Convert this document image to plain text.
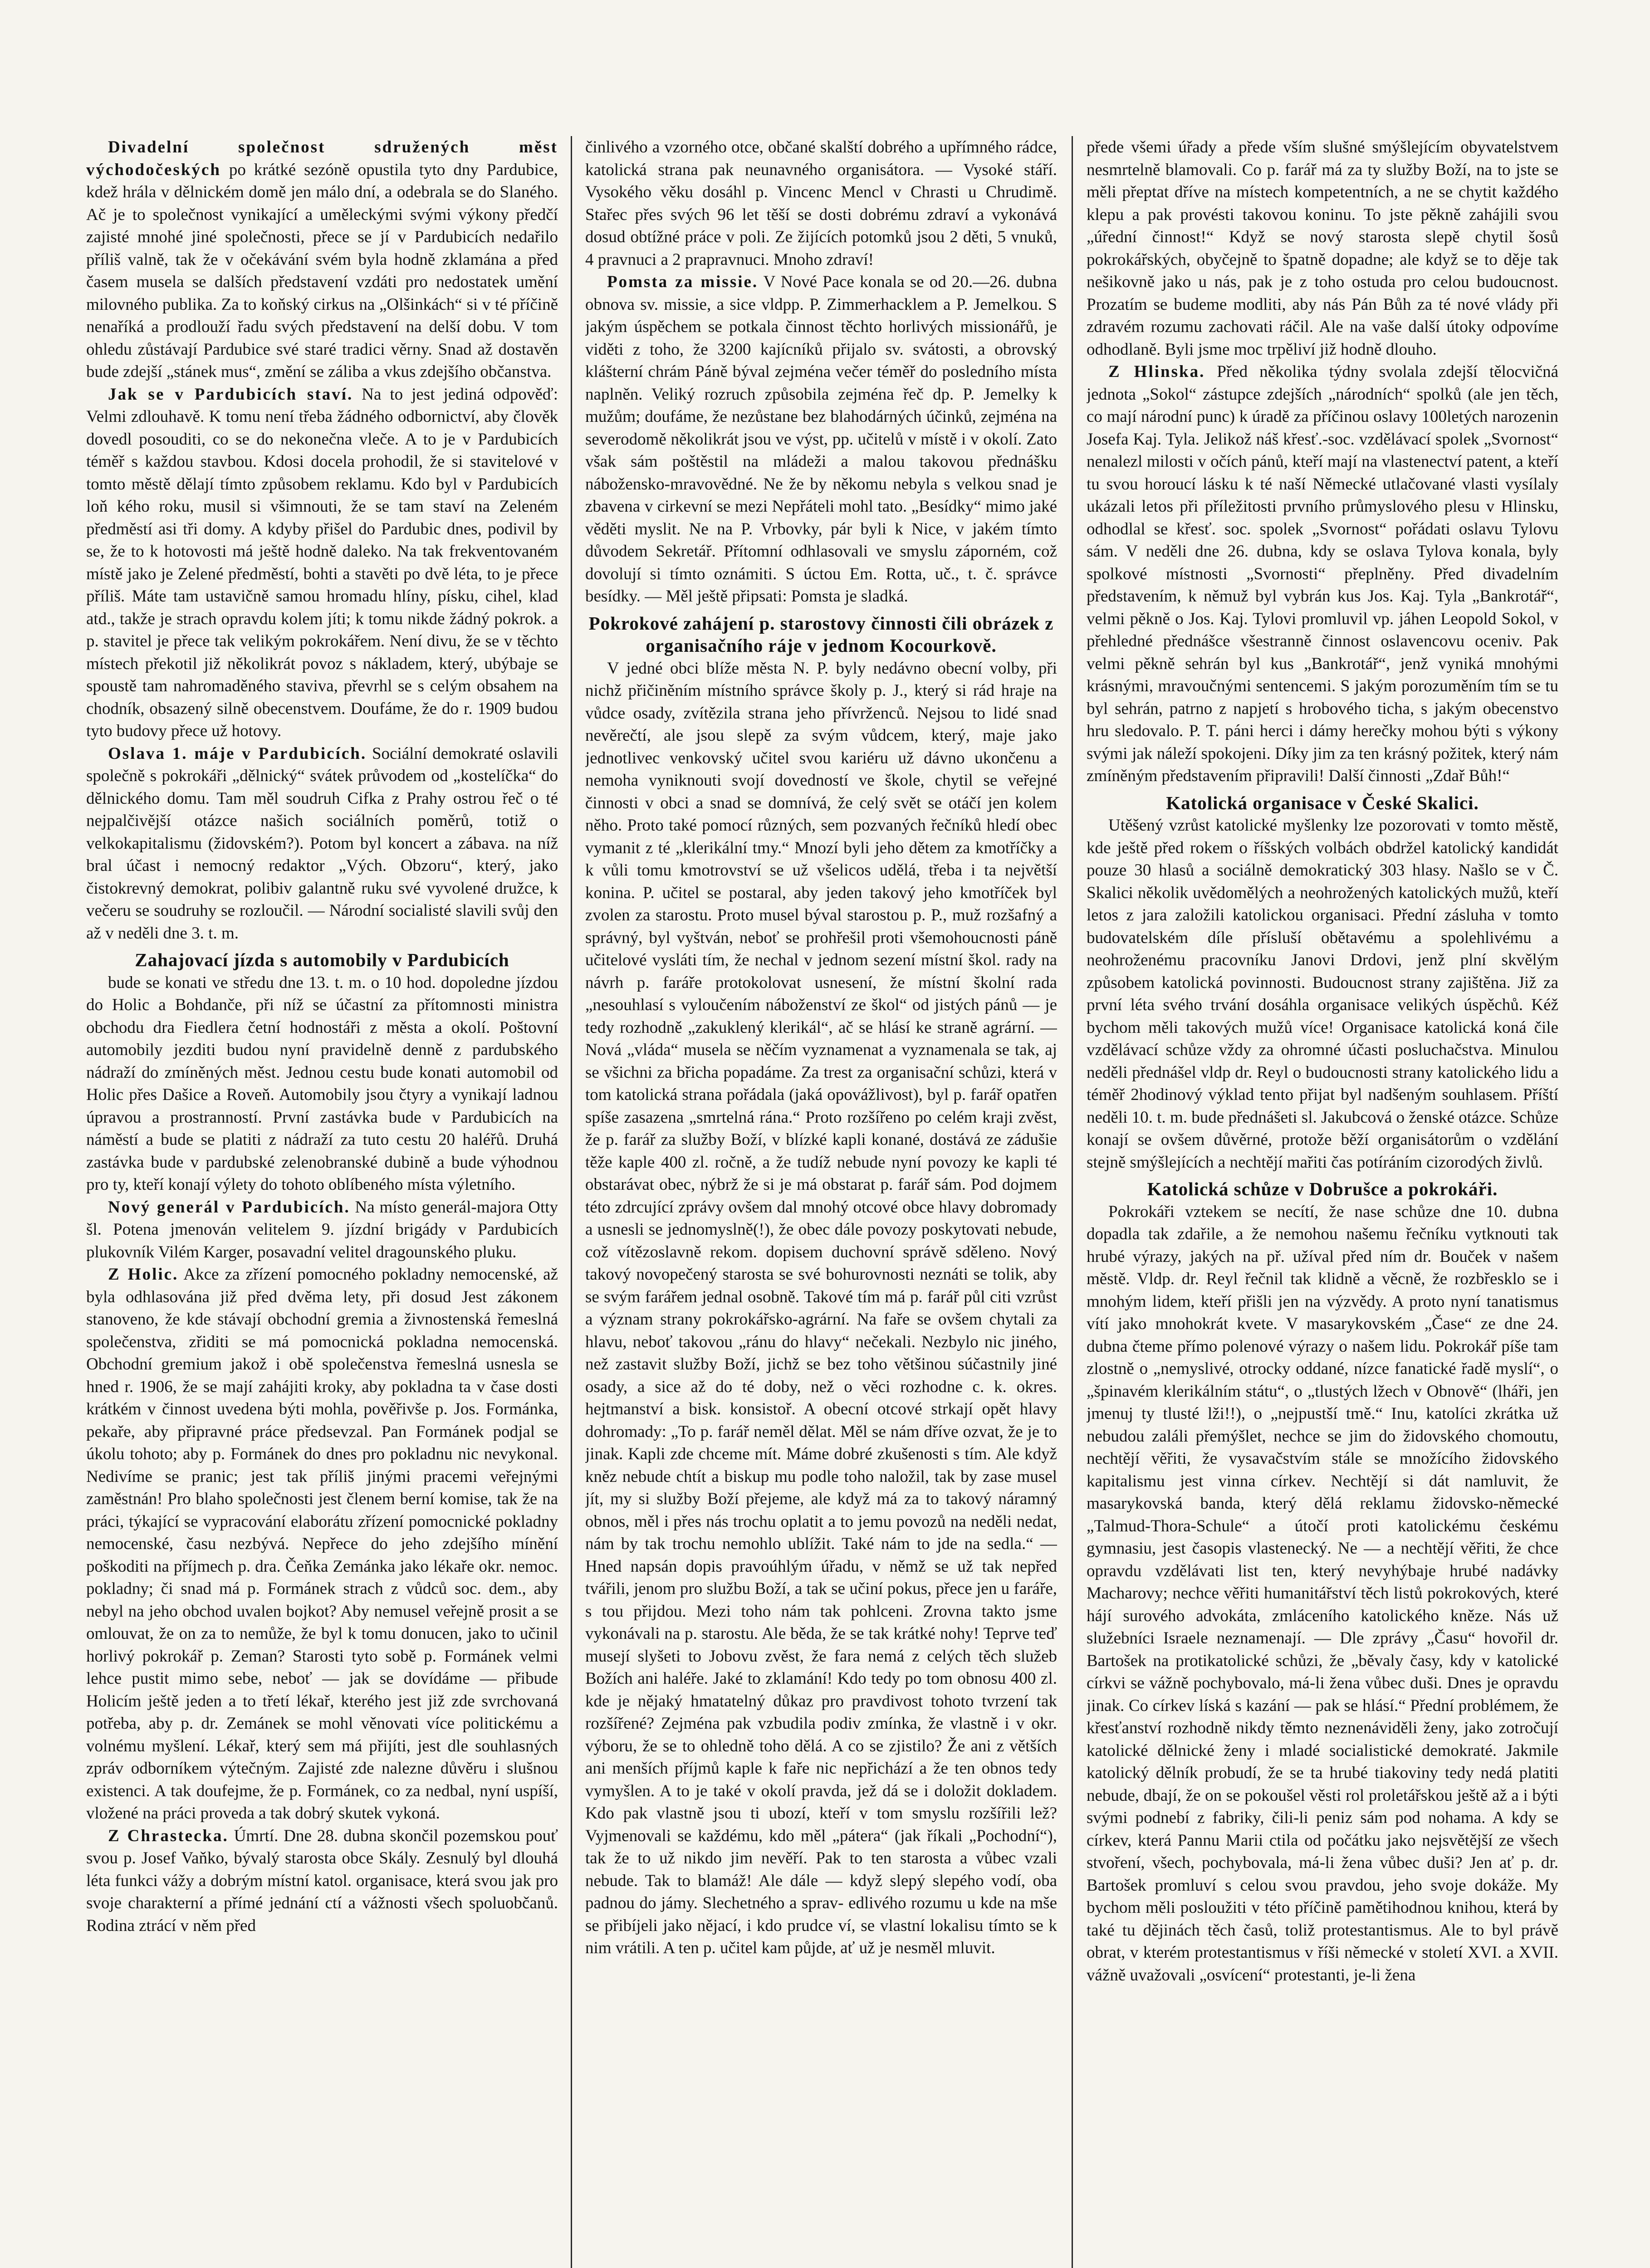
Divadelní společnost sdružených měst východočeských po krátké sezóně opustila tyto dny Pardubice, kdež hrála v dělnickém domě jen málo dní, a odebrala se do Slaného. Ač je to společnost vynikající a uměleckými svými výkony předčí zajisté mnohé jiné společnosti, přece se jí v Pardubicích nedařilo příliš valně, tak že v očekávání svém byla hodně zklamána a před časem musela se dalších představení vzdáti pro nedostatek umění milovného publika. Za to koňský cirkus na „Olšinkách“ si v té příčině nenaříká a prodlouží řadu svých představení na delší dobu. V tom ohledu zůstávají Pardubice své staré tradici věrny. Snad až dostavěn bude zdejší „stánek mus“, změní se záliba a vkus zdejšího občanstva.

Jak se v Pardubicích staví. Na to jest jediná odpověď: Velmi zdlouhavě. K tomu není třeba žádného odbornictví, aby člověk dovedl posouditi, co se do nekonečna vleče. A to je v Pardubicích téměř s každou stavbou. Kdosi docela prohodil, že si stavitelové v tomto městě dělají tímto způsobem reklamu. Kdo byl v Pardubicích loň kého roku, musil si všimnouti, že se tam staví na Zeleném předměstí asi tři domy. A kdyby přišel do Pardubic dnes, podivil by se, že to k hotovosti má ještě hodně daleko. Na tak frekventovaném místě jako je Zelené předměstí, bohti a stavěti po dvě léta, to je přece příliš. Máte tam ustavičně samou hromadu hlíny, písku, cihel, klad atd., takže je strach opravdu kolem jíti; k tomu nikde žádný pokrok. a p. stavitel je přece tak velikým pokrokářem. Není divu, že se v těchto místech překotil již několikrát povoz s nákladem, který, ubýbaje se spoustě tam nahromaděného staviva, převrhl se s celým obsahem na chodník, obsazený silně obecenstvem. Doufáme, že do r. 1909 budou tyto budovy přece už hotovy.

Oslava 1. máje v Pardubicích. Sociální demokraté oslavili společně s pokrokáři „dělnický“ svátek průvodem od „kostelíčka“ do dělnického domu. Tam měl soudruh Cifka z Prahy ostrou řeč o té nejpalčivější otázce našich sociálních poměrů, totiž o velkokapitalismu (židovském?). Potom byl koncert a zábava. na níž bral účast i nemocný redaktor „Vých. Obzoru“, který, jako čistokrevný demokrat, polibiv galantně ruku své vyvolené družce, k večeru se soudruhy se rozloučil. — Národní socialisté slavili svůj den až v neděli dne 3. t. m.

Zahajovací jízda s automobily v Pardubicích

bude se konati ve středu dne 13. t. m. o 10 hod. dopoledne jízdou do Holic a Bohdanče, při níž se účastní za přítomnosti ministra obchodu dra Fiedlera četní hodnostáři z města a okolí. Poštovní automobily jezditi budou nyní pravidelně denně z pardubského nádraží do zmíněných měst. Jednou cestu bude konati automobil od Holic přes Dašice a Roveň. Automobily jsou čtyry a vynikají ladnou úpravou a prostranností. První zastávka bude v Pardubicích na náměstí a bude se platiti z nádraží za tuto cestu 20 haléřů. Druhá zastávka bude v pardubské zelenobranské dubině a bude výhodnou pro ty, kteří konají výlety do tohoto oblíbeného místa výletního.

Nový generál v Pardubicích. Na místo generál-majora Otty šl. Potena jmenován velitelem 9. jízdní brigády v Pardubicích plukovník Vilém Karger, posavadní velitel dragounského pluku.

Z Holic. Akce za zřízení pomocného pokladny nemocenské, až byla odhlasována již před dvěma lety, při dosud Jest zákonem stanoveno, že kde stávají obchodní gremia a živnostenská řemeslná společenstva, zřiditi se má pomocnická pokladna nemocenská. Obchodní gremium jakož i obě společenstva řemeslná usnesla se hned r. 1906, že se mají zahájiti kroky, aby pokladna ta v čase dosti krátkém v činnost uvedena býti mohla, pověřivše p. Jos. Formánka, pekaře, aby připravné práce předsevzal. Pan Formánek podjal se úkolu tohoto; aby p. Formánek do dnes pro pokladnu nic nevykonal. Nedivíme se pranic; jest tak příliš jinými pracemi veřejnými zaměstnán! Pro blaho společnosti jest členem berní komise, tak že na práci, týkající se vypracování elaborátu zřízení pomocnické pokladny nemocenské, času nezbývá. Nepřece do jeho zdejšího mínění poškoditi na příjmech p. dra. Čeňka Zemánka jako lékaře okr. nemoc. pokladny; či snad má p. Formánek strach z vůdců soc. dem., aby nebyl na jeho obchod uvalen bojkot? Aby nemusel veřejně prosit a se omlouvat, že on za to nemůže, že byl k tomu donucen, jako to učinil horlivý pokrokář p. Zeman? Starosti tyto sobě p. Formánek velmi lehce pustit mimo sebe, neboť — jak se dovídáme — přibude Holicím ještě jeden a to třetí lékař, kterého jest již zde svrchovaná potřeba, aby p. dr. Zemánek se mohl věnovati více politickému a volnému myšlení. Lékař, který sem má přijíti, jest dle souhlasných zpráv odborníkem výtečným. Zajisté zde nalezne důvěru i slušnou existenci. A tak doufejme, že p. Formánek, co za nedbal, nyní uspíší, vložené na práci proveda a tak dobrý skutek vykoná.

Z Chrastecka. Úmrtí. Dne 28. dubna skončil pozemskou pouť svou p. Josef Vaňko, bývalý starosta obce Skály. Zesnulý byl dlouhá léta funkci vážy a dobrým místní katol. organisace, která svou jak pro svoje charakterní a přímé jednání ctí a vážnosti všech spoluobčanů. Rodina ztrácí v něm před

činlivého a vzorného otce, občané skalští dobrého a upřímného rádce, katolická strana pak neunavného organisátora. — Vysoké stáří. Vysokého věku dosáhl p. Vincenc Mencl v Chrasti u Chrudimě. Stařec přes svých 96 let těší se dosti dobrému zdraví a vykonává dosud obtížné práce v poli. Ze žijících potomků jsou 2 děti, 5 vnuků, 4 pravnuci a 2 prapravnuci. Mnoho zdraví!

Pomsta za missie. V Nové Pace konala se od 20.—26. dubna obnova sv. missie, a sice vldpp. P. Zimmerhacklem a P. Jemelkou. S jakým úspěchem se potkala činnost těchto horlivých missionářů, je viděti z toho, že 3200 kajícníků přijalo sv. svátosti, a obrovský klášterní chrám Páně býval zejména večer téměř do posledního místa naplněn. Veliký rozruch způsobila zejména řeč dp. P. Jemelky k mužům; doufáme, že nezůstane bez blahodárných účinků, zejména na severodomě několikrát jsou ve výst, pp. učitelů v místě i v okolí. Zato však sám poštěstil na mládeži a malou takovou přednášku nábožensko-mravovědné. Ne že by někomu nebyla s velkou snad je zbavena v cirkevní se mezi Nepřáteli mohl tato. „Besídky“ mimo jaké věděti myslit. Ne na P. Vrbovky, pár byli k Nice, v jakém tímto důvodem Sekretář. Přítomní odhlasovali ve smyslu záporném, což dovolují si tímto oznámiti. S úctou Em. Rotta, uč., t. č. správce besídky. — Měl ještě připsati: Pomsta je sladká.

Pokrokové zahájení p. starostovy činnosti čili obrázek z organisačního ráje v jednom Kocourkově.

V jedné obci blíže města N. P. byly nedávno obecní volby, při nichž přičiněním místního správce školy p. J., který si rád hraje na vůdce osady, zvítězila strana jeho přívrženců. Nejsou to lidé snad nevěrečtí, ale jsou slepě za svým vůdcem, který, maje jako jednotlivec venkovský učitel svou kariéru už dávno ukončenu a nemoha vyniknouti svojí dovedností ve škole, chytil se veřejné činnosti v obci a snad se domnívá, že celý svět se otáčí jen kolem něho. Proto také pomocí různých, sem pozvaných řečníků hledí obec vymanit z té „klerikální tmy.“ Mnozí byli jeho dětem za kmotříčky a k vůli tomu kmotrovství se už všelicos udělá, třeba i ta největší konina. P. učitel se postaral, aby jeden takový jeho kmotříček byl zvolen za starostu. Proto musel býval starostou p. P., muž rozšafný a správný, byl vyštván, neboť se prohřešil proti všemohoucnosti páně učitelové vysláti tím, že nechal v jednom sezení místní škol. rady na návrh p. faráře protokolovat usnesení, že místní školní rada „nesouhlasí s vyloučením náboženství ze škol“ od jistých pánů — je tedy rozhodně „zakuklený klerikál“, ač se hlásí ke straně agrární. — Nová „vláda“ musela se něčím vyznamenat a vyznamenala se tak, aj se všichni za břicha popadáme. Za trest za organisační schůzi, která v tom katolická strana pořádala (jaká opovážlivost), byl p. farář opatřen spíše zasazena „smrtelná rána.“ Proto rozšířeno po celém kraji zvěst, že p. farář za služby Boží, v blízké kapli konané, dostává ze zádušie těže kaple 400 zl. ročně, a že tudíž nebude nyní povozy ke kapli té obstarávat obec, nýbrž že si je má obstarat p. farář sám. Pod dojmem této zdrcující zprávy ovšem dal mnohý otcové obce hlavy dobromady a usnesli se jednomyslně(!), že obec dále povozy poskytovati nebude, což vítězoslavně rekom. dopisem duchovní správě sděleno. Nový takový novopečený starosta se své bohurovnosti neznáti se tolik, aby se svým farářem jednal osobně. Takové tím má p. farář půl citi vzrůst a význam strany pokrokářsko-agrární. Na faře se ovšem chytali za hlavu, neboť takovou „ránu do hlavy“ nečekali. Nezbylo nic jiného, než zastavit služby Boží, jichž se bez toho většinou súčastnily jiné osady, a sice až do té doby, než o věci rozhodne c. k. okres. hejtmanství a bisk. konsistoř. A obecní otcové strkají opět hlavy dohromady: „To p. farář neměl dělat. Měl se nám dříve ozvat, že je to jinak. Kapli zde chceme mít. Máme dobré zkušenosti s tím. Ale když kněz nebude chtít a biskup mu podle toho naložil, tak by zase musel jít, my si služby Boží přejeme, ale když má za to takový náramný obnos, měl i přes nás trochu oplatit a to jemu povozů na neděli nedat, nám by tak trochu nemohlo ublížit. Také nám to jde na sedla.“ — Hned napsán dopis pravoúhlým úřadu, v němž se už tak nepřed tvářili, jenom pro službu Boží, a tak se učiní pokus, přece jen u faráře, s tou přijdou. Mezi toho nám tak pohlceni. Zrovna takto jsme vykonávali na p. starostu. Ale běda, že se tak krátké nohy! Teprve teď musejí slyšeti to Jobovu zvěst, že fara nemá z celých těch služeb Božích ani haléře. Jaké to zklamání! Kdo tedy po tom obnosu 400 zl. kde je nějaký hmatatelný důkaz pro pravdivost tohoto tvrzení tak rozšířené? Zejména pak vzbudila podiv zmínka, že vlastně i v okr. výboru, že se to ohledně toho dělá. A co se zjistilo? Že ani z větších ani menších příjmů kaple k faře nic nepřichází a že ten obnos tedy vymyšlen. A to je také v okolí pravda, jež dá se i doložit dokladem. Kdo pak vlastně jsou ti ubozí, kteří v tom smyslu rozšířili lež? Vyjmenovali se každému, kdo měl „pátera“ (jak říkali „Pochodní“), tak že to už nikdo jim nevěří. Pak to ten starosta a vůbec vzali nebude. Tak to blamáž! Ale dále — když slepý slepého vodí, oba padnou do jámy. Slechetného a sprav- edlivého rozumu u kde na mše se přibíjeli jako nějací, i kdo prudce ví, se vlastní lokalisu tímto se k nim vrátili. A ten p. učitel kam půjde, ať už je nesměl mluvit.

přede všemi úřady a přede vším slušné smýšlejícím obyvatelstvem nesmrtelně blamovali. Co p. farář má za ty služby Boží, na to jste se měli přeptat dříve na místech kompetentních, a ne se chytit každého klepu a pak provésti takovou koninu. To jste pěkně zahájili svou „úřední činnost!“ Když se nový starosta slepě chytil šosů pokrokářských, obyčejně to špatně dopadne; ale když se to děje tak nešikovně jako u nás, pak je z toho ostuda pro celou budoucnost. Prozatím se budeme modliti, aby nás Pán Bůh za té nové vlády při zdravém rozumu zachovati ráčil. Ale na vaše další útoky odpovíme odhodlaně. Byli jsme moc trpěliví již hodně dlouho.

Z Hlinska. Před několika týdny svolala zdejší tělocvičná jednota „Sokol“ zástupce zdejších „národních“ spolků (ale jen těch, co mají národní punc) k úradě za příčinou oslavy 100letých narozenin Josefa Kaj. Tyla. Jelikož náš křesť.-soc. vzdělávací spolek „Svornost“ nenalezl milosti v očích pánů, kteří mají na vlastenectví patent, a kteří tu svou horoucí lásku k té naší Německé utlačované vlasti vysílaly ukázali letos při příležitosti prvního průmyslového plesu v Hlinsku, odhodlal se křesť. soc. spolek „Svornost“ pořádati oslavu Tylovu sám. V neděli dne 26. dubna, kdy se oslava Tylova konala, byly spolkové místnosti „Svornosti“ přeplněny. Před divadelním představením, k němuž byl vybrán kus Jos. Kaj. Tyla „Bankrotář“, velmi pěkně o Jos. Kaj. Tylovi promluvil vp. jáhen Leopold Sokol, v přehledné přednášce všestranně činnost oslavencovu oceniv. Pak velmi pěkně sehrán byl kus „Bankrotář“, jenž vyniká mnohými krásnými, mravoučnými sentencemi. S jakým porozuměním tím se tu byl sehrán, patrno z napjetí s hrobového ticha, s jakým obecenstvo hru sledovalo. P. T. páni herci i dámy herečky mohou býti s výkony svými jak náleží spokojeni. Díky jim za ten krásný požitek, který nám zmíněným představením připravili! Další činnosti „Zdař Bůh!“

Katolická organisace v České Skalici.

Utěšený vzrůst katolické myšlenky lze pozorovati v tomto městě, kde ještě před rokem o říšských volbách obdržel katolický kandidát pouze 30 hlasů a sociálně demokratický 303 hlasy. Našlo se v Č. Skalici několik uvědomělých a neohrožených katolických mužů, kteří letos z jara založili katolickou organisaci. Přední zásluha v tomto budovatelském díle přísluší obětavému a spolehlivému a neohroženému pracovníku Janovi Drdovi, jenž plní skvělým způsobem katolická povinnosti. Budoucnost strany zajištěna. Již za první léta svého trvání dosáhla organisace velikých úspěchů. Kéž bychom měli takových mužů více! Organisace katolická koná čile vzdělávací schůze vždy za ohromné účasti posluchačstva. Minulou neděli přednášel vldp dr. Reyl o budoucnosti strany katolického lidu a téměř 2hodinový výklad tento přijat byl nadšeným souhlasem. Příští neděli 10. t. m. bude přednášeti sl. Jakubcová o ženské otázce. Schůze konají se ovšem důvěrné, protože běží organisátorům o vzdělání stejně smýšlejících a nechtějí mařiti čas potíráním cizorodých živlů.

Katolická schůze v Dobrušce a pokrokáři.

Pokrokáři vztekem se necítí, že nase schůze dne 10. dubna dopadla tak zdařile, a že nemohou našemu řečníku vytknouti tak hrubé výrazy, jakých na př. užíval před ním dr. Bouček v našem městě. Vldp. dr. Reyl řečnil tak klidně a věcně, že rozbřesklo se i mnohým lidem, kteří přišli jen na výzvědy. A proto nyní tanatismus vítí jako mnohokrát kvete. V masarykovském „Čase“ ze dne 24. dubna čteme přímo polenové výrazy o našem lidu. Pokrokář píše tam zlostně o „nemyslivé, otrocky oddané, nízce fanatické řadě myslí“, o „špinavém klerikálním státu“, o „tlustých lžech v Obnově“ (lháři, jen jmenuj ty tlusté lži!!), o „nejpustší tmě.“ Inu, katolíci zkrátka už nebudou zaláli přemýšlet, nechce se jim do židovského chomoutu, nechtějí věřiti, že vysavačstvím stále se množícího židovského kapitalismu jest vinna církev. Nechtějí si dát namluvit, že masarykovská banda, který dělá reklamu židovsko-německé „Talmud-Thora-Schule“ a útočí proti katolickému českému gymnasiu, jest časopis vlastenecký. Ne — a nechtějí věřiti, že chce opravdu vzdělávati list ten, který nevyhýbaje hrubé nadávky Macharovy; nechce věřiti humanitářství těch listů pokrokových, které hájí surového advokáta, zmláceního katolického kněze. Nás už služebníci Israele neznamenají. — Dle zprávy „Času“ hovořil dr. Bartošek na protikatolické schůzi, že „běvaly časy, kdy v katolické církvi se vážně pochybovalo, má-li žena vůbec duši. Dnes je opravdu jinak. Co církev líská s kazání — pak se hlásí.“ Přední problémem, že křesťanství rozhodně nikdy těmto neznenáviděli ženy, jako zotročují katolické dělnické ženy i mladé socialistické demokraté. Jakmile katolický dělník probudí, že se ta hrubé tiakoviny tedy nedá platiti nebude, dbají, že on se pokoušel věsti rol proletářskou ještě až a i býti svými podnebí z fabriky, čili-li peniz sám pod nohama. A kdy se církev, která Pannu Marii ctila od počátku jako nejsvětější ze všech stvoření, všech, pochybovala, má-li žena vůbec duši? Jen ať p. dr. Bartošek promluví s celou svou pravdou, jeho svoje dokáže. My bychom měli posloužiti v této příčině pamětihodnou knihou, která by také tu dějinách těch časů, toliž protestantismus. Ale to byl právě obrat, v kterém protestantismus v říši německé v století XVI. a XVII. vážně uvažovali „osvícení“ protestanti, je-li žena
